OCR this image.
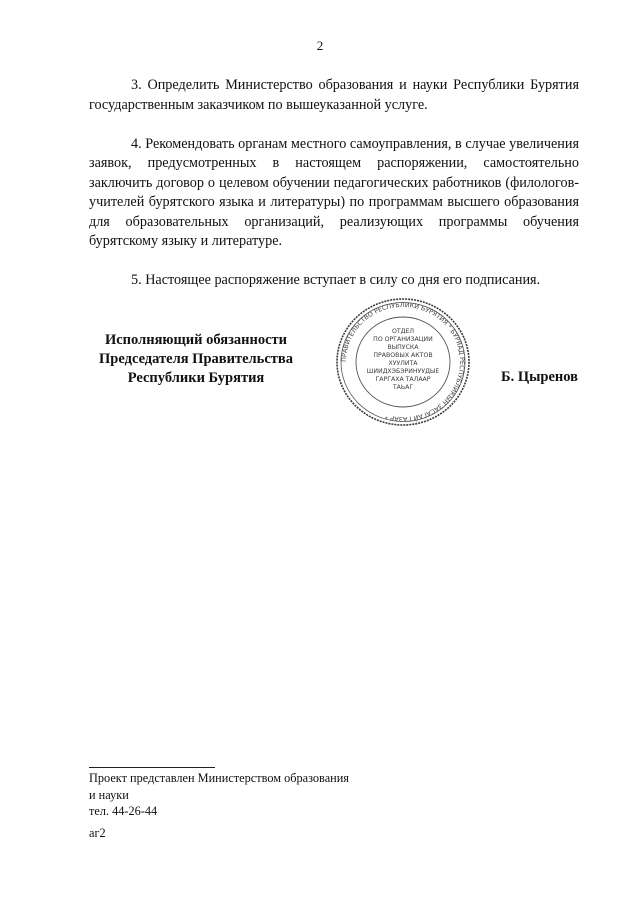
2

3. Определить Министерство образования и науки Республики Бурятия государственным заказчиком по вышеуказанной услуге.

4. Рекомендовать органам местного самоуправления, в случае увеличения заявок, предусмотренных в настоящем распоряжении, самостоятельно заключить договор о целевом обучении педагогических работников (филологов-учителей бурятского языка и литературы) по программам высшего образования для образовательных организаций, реализующих программы обучения бурятскому языку и литературе.

5. Настоящее распоряжение вступает в силу со дня его подписания.

Исполняющий обязанности
Председателя Правительства
Республики Бурятия
ПРАВИТЕЛЬСТВО РЕСПУБЛИКИ БУРЯТИЯ * БУРЯАД РЕСПУБЛИКЫН ЗАСАГАЙ ГАЗАР *
ОТДЕЛ
ПО ОРГАНИЗАЦИИ
ВЫПУСКА
ПРАВОВЫХ АКТОВ
ХУУЛИТА
ШИИДХЭБЭРИНУУДЫЕ
ГАРГАХА ТАЛААР
ТАЬАГ
Б. Цыренов
Проект представлен Министерством образования
и науки
тел. 44-26-44
аг2
